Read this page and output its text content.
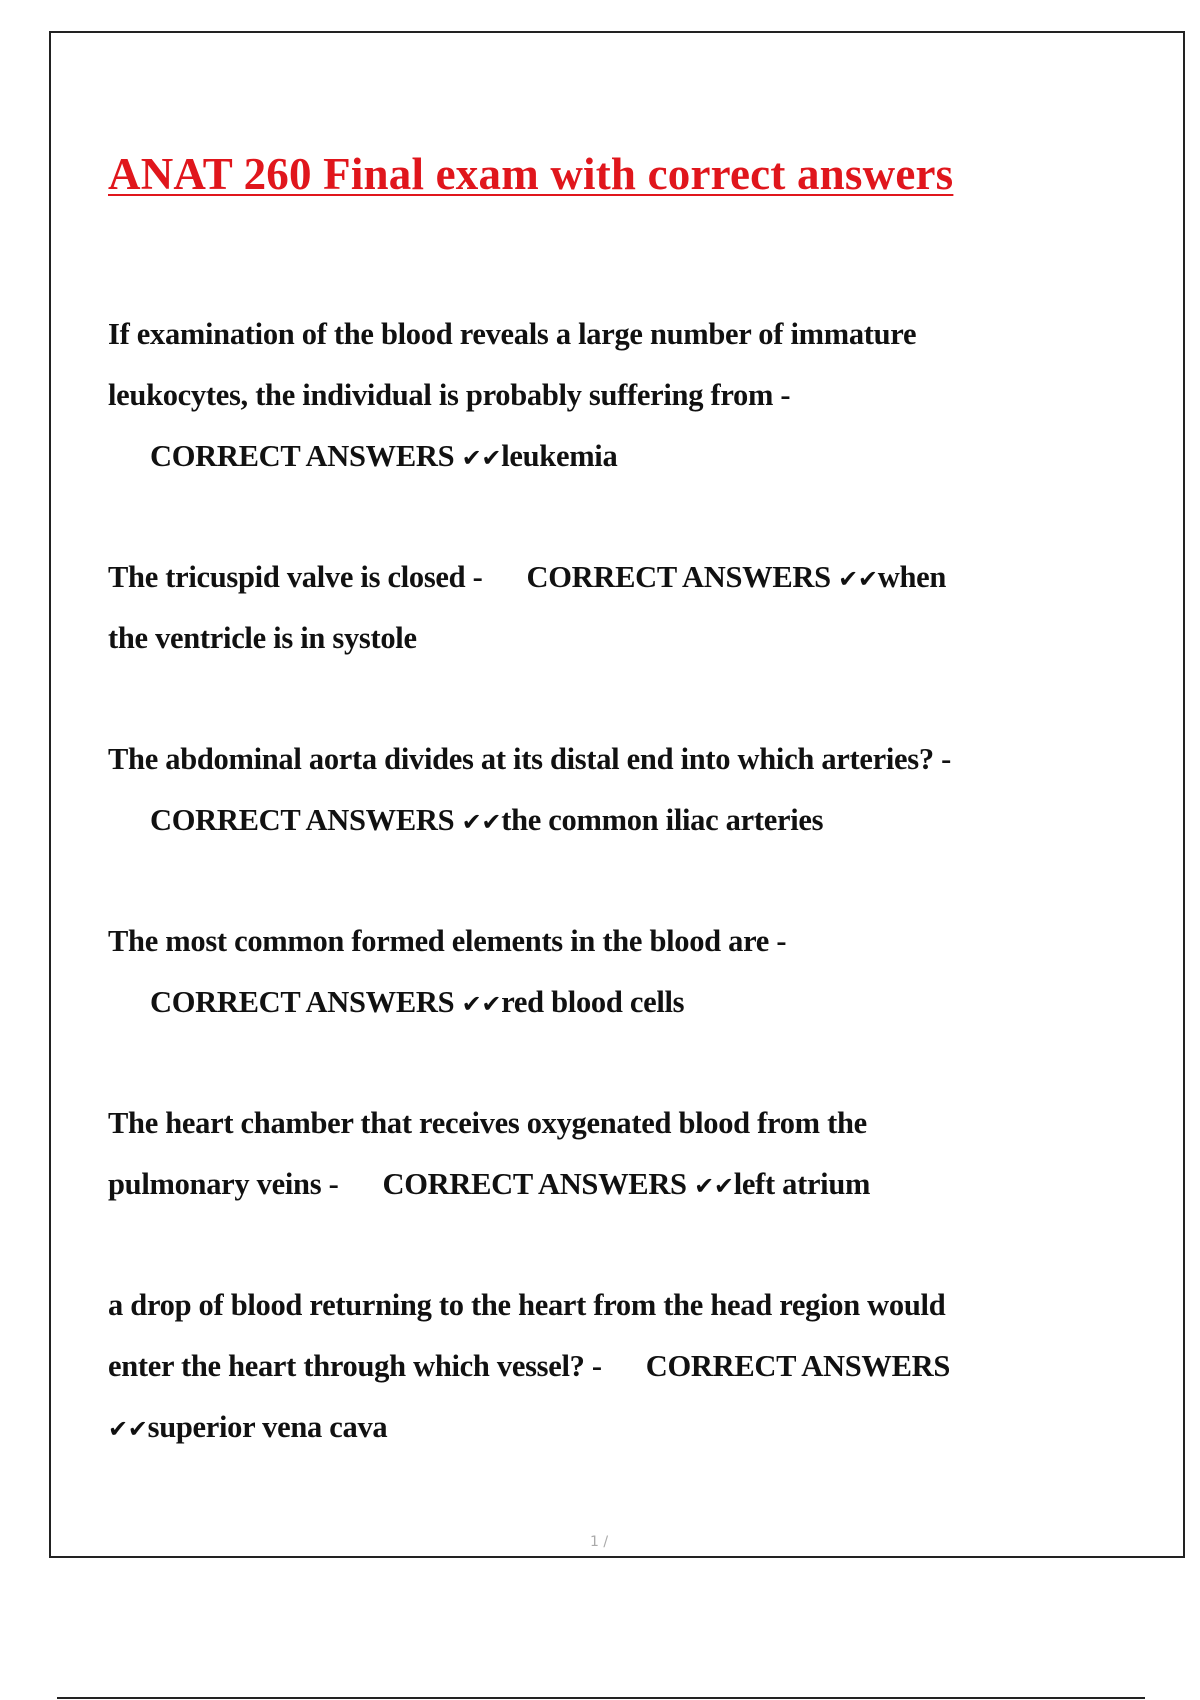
ANAT 260 Final exam with correct answers
If examination of the blood reveals a large number of immature
leukocytes, the individual is probably suffering from -
CORRECT ANSWERS ✔✔leukemia
The tricuspid valve is closed - CORRECT ANSWERS ✔✔when
the ventricle is in systole
The abdominal aorta divides at its distal end into which arteries? -
CORRECT ANSWERS ✔✔the common iliac arteries
The most common formed elements in the blood are -
CORRECT ANSWERS ✔✔red blood cells
The heart chamber that receives oxygenated blood from the
pulmonary veins - CORRECT ANSWERS ✔✔left atrium
a drop of blood returning to the heart from the head region would
enter the heart through which vessel? - CORRECT ANSWERS
✔✔superior vena cava
1 /
